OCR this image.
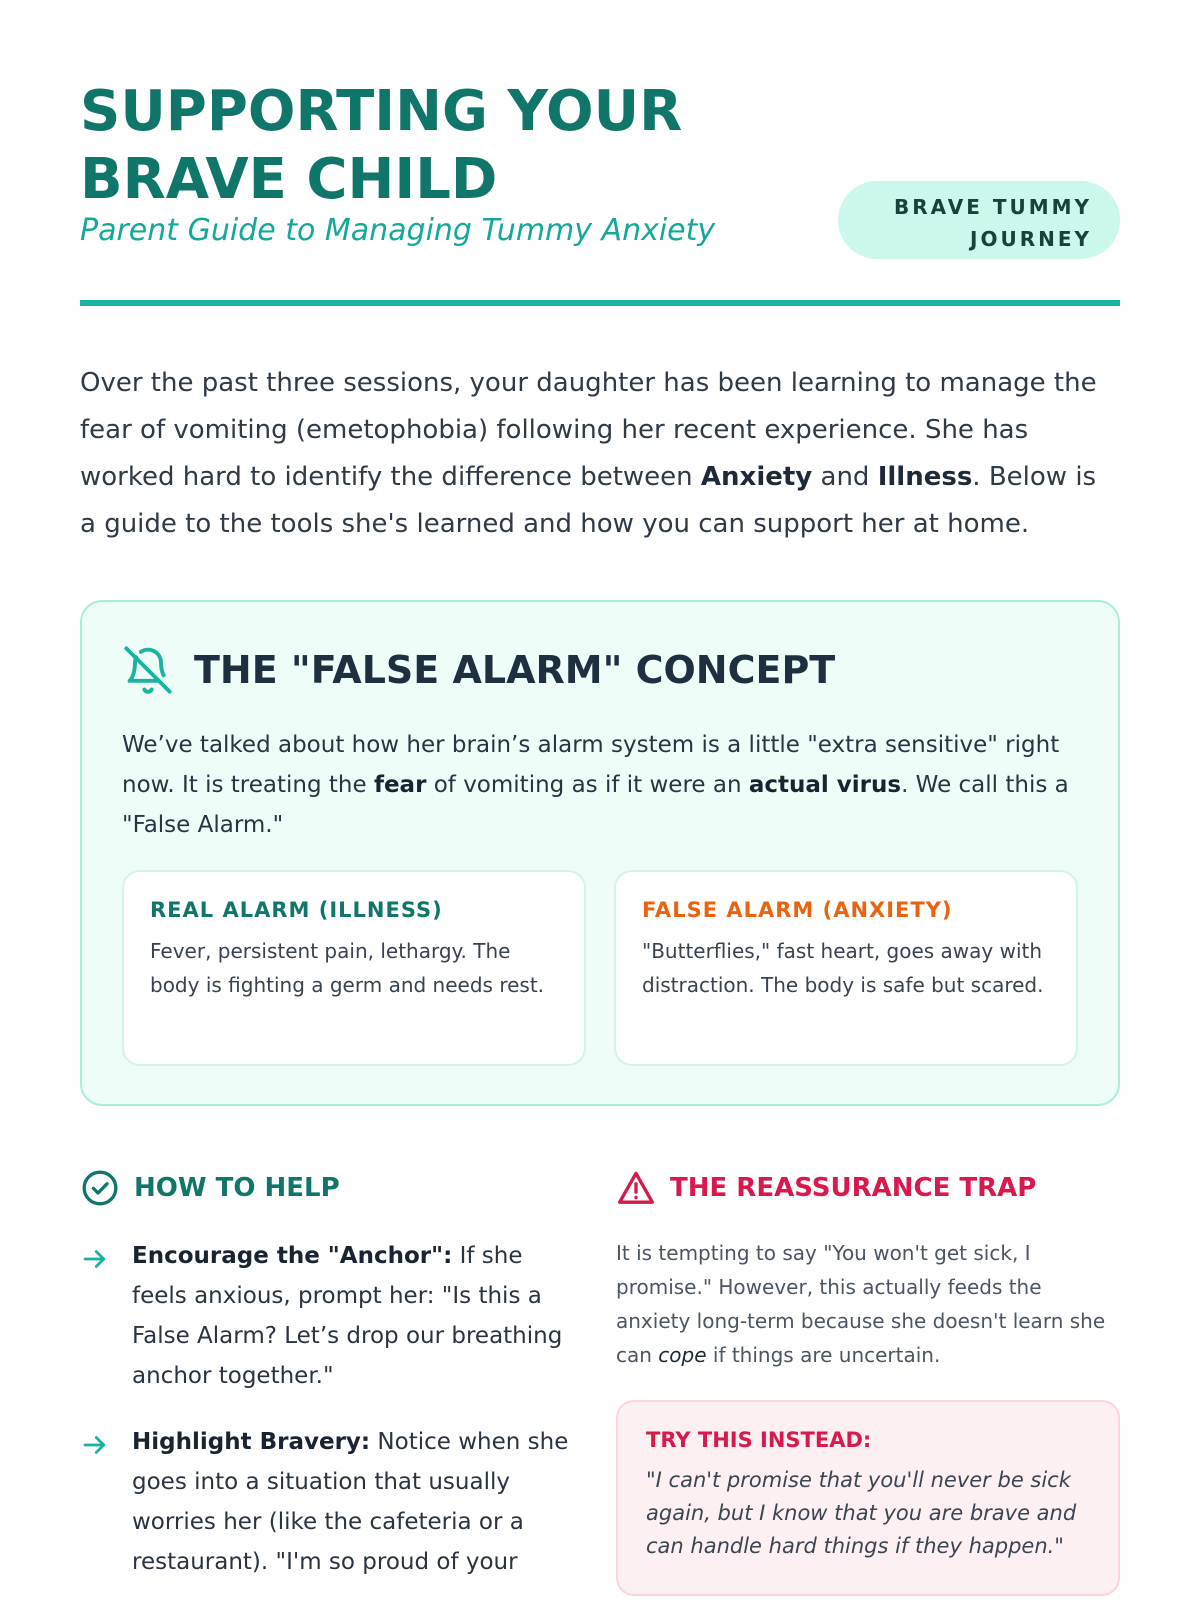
SUPPORTING YOUR BRAVE CHILD

Parent Guide to Managing Tummy Anxiety

BRAVE TUMMY JOURNEY

Over the past three sessions, your daughter has been learning to manage the fear of vomiting (emetophobia) following her recent experience. She has worked hard to identify the difference between Anxiety and Illness. Below is a guide to the tools she's learned and how you can support her at home.

THE "FALSE ALARM" CONCEPT

We’ve talked about how her brain’s alarm system is a little "extra sensitive" right now. It is treating the fear of vomiting as if it were an actual virus. We call this a "False Alarm."

REAL ALARM (ILLNESS)

Fever, persistent pain, lethargy. The body is fighting a germ and needs rest.

FALSE ALARM (ANXIETY)

"Butterflies," fast heart, goes away with distraction. The body is safe but scared.

HOW TO HELP
Encourage the "Anchor": If she feels anxious, prompt her: "Is this a False Alarm? Let’s drop our breathing anchor together."
Highlight Bravery: Notice when she goes into a situation that usually worries her (like the cafeteria or a restaurant). "I'm so proud of your
THE REASSURANCE TRAP

It is tempting to say "You won't get sick, I promise." However, this actually feeds the anxiety long-term because she doesn't learn she can cope if things are uncertain.

TRY THIS INSTEAD:

"I can't promise that you'll never be sick again, but I know that you are brave and can handle hard things if they happen."
